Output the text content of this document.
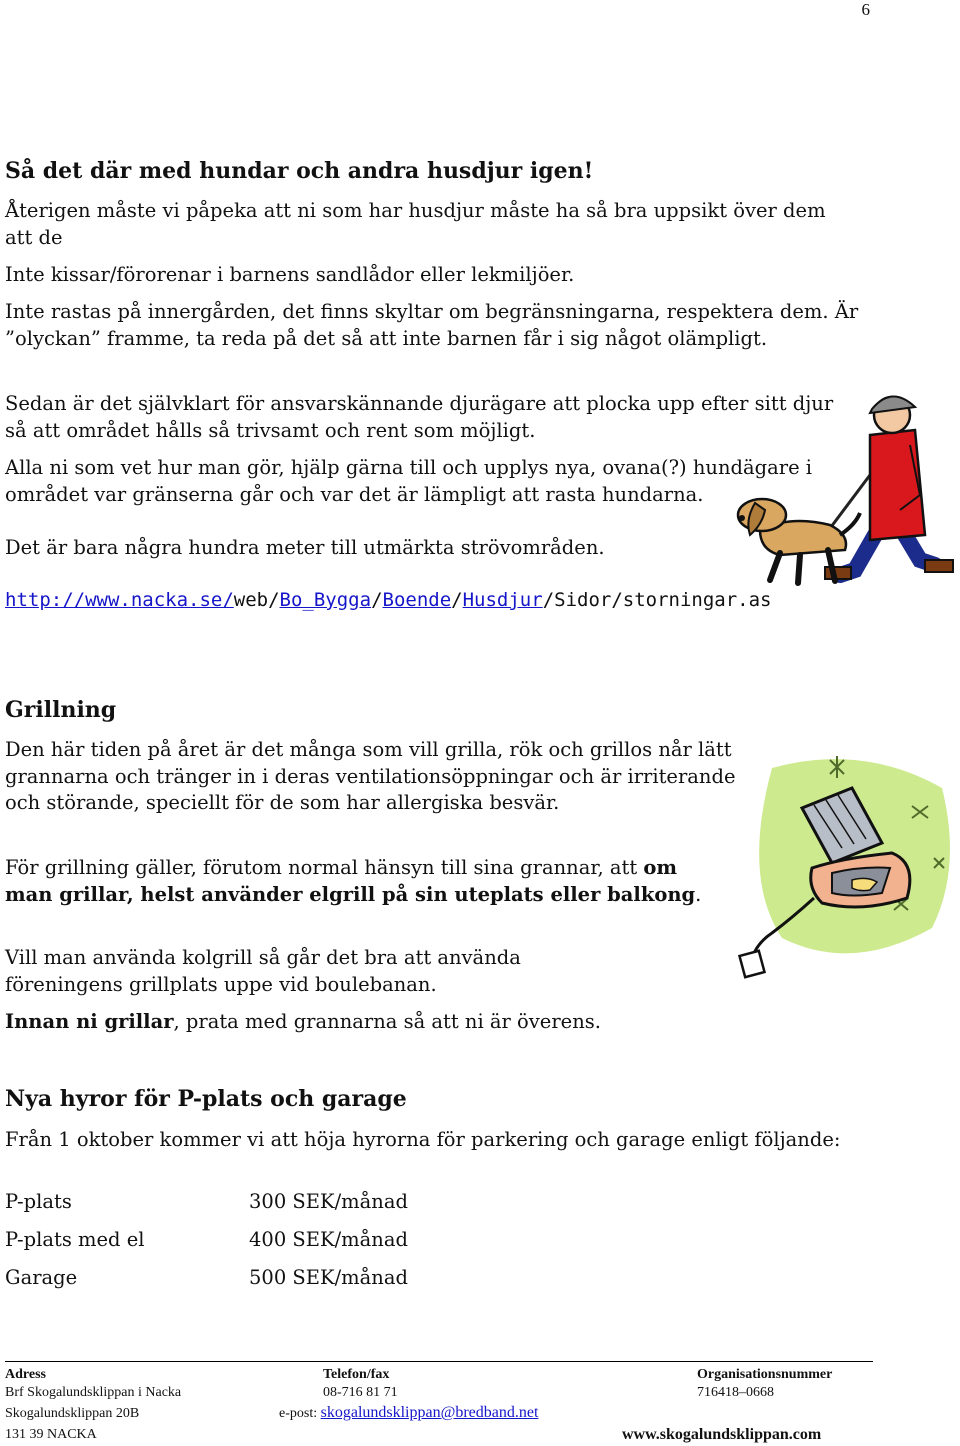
6
Så det där med hundar och andra husdjur igen!

Återigen måste vi påpeka att ni som har husdjur måste ha så bra uppsikt över dem att de

Inte kissar/förorenar i barnens sandlådor eller lekmiljöer.

Inte rastas på innergården, det finns skyltar om begränsningarna, respektera dem. Är ”olyckan” framme, ta reda på det så att inte barnen får i sig något olämpligt.

Sedan är det självklart för ansvarskännande djurägare att plocka upp efter sitt djur så att området hålls så trivsamt och rent som möjligt.

Alla ni som vet hur man gör, hjälp gärna till och upplys nya, ovana(?) hundägare i området var gränserna går och var det är lämpligt att rasta hundarna.

Det är bara några hundra meter till utmärkta strövområden.

http://www.nacka.se/web/Bo_Bygga/Boende/Husdjur/Sidor/storningar.as
Grillning

Den här tiden på året är det många som vill grilla, rök och grillos når lätt grannarna och tränger in i deras ventilationsöppningar och är irriterande och störande, speciellt för de som har allergiska besvär.

För grillning gäller, förutom normal hänsyn till sina grannar, att om man grillar, helst använder elgrill på sin uteplats eller balkong.

Vill man använda kolgrill så går det bra att använda föreningens grillplats uppe vid boulebanan.

Innan ni grillar, prata med grannarna så att ni är överens.

Nya hyror för P-plats och garage

Från 1 oktober kommer vi att höja hyrorna för parkering och garage enligt följande:

P-plats	300 SEK/månad
P-plats med el	400 SEK/månad
Garage	500 SEK/månad
Adress
Brf Skogalundsklippan i Nacka
Skogalundsklippan 20B
131 39 NACKA
Telefon/fax
08-716 81 71
e-post: skogalundsklippan@bredband.net
Organisationsnummer
716418–0668
www.skogalundsklippan.com
